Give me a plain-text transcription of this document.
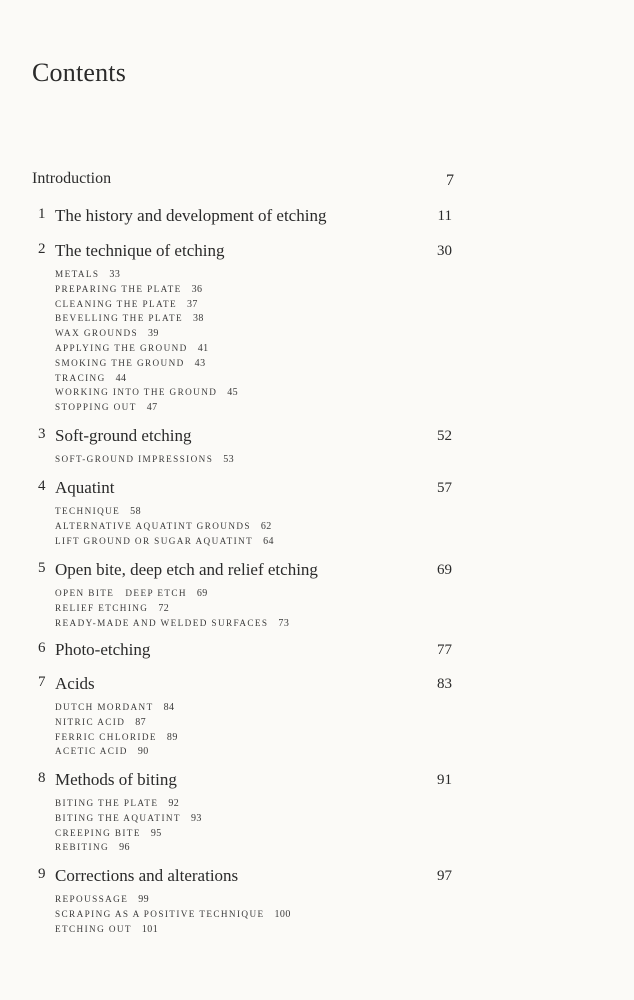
Contents
Introduction	7
1 The history and development of etching	11
2 The technique of etching	30
METALS 33
PREPARING THE PLATE 36
CLEANING THE PLATE 37
BEVELLING THE PLATE 38
WAX GROUNDS 39
APPLYING THE GROUND 41
SMOKING THE GROUND 43
TRACING 44
WORKING INTO THE GROUND 45
STOPPING OUT 47
3 Soft-ground etching	52
SOFT-GROUND IMPRESSIONS 53
4 Aquatint	57
TECHNIQUE 58
ALTERNATIVE AQUATINT GROUNDS 62
LIFT GROUND OR SUGAR AQUATINT 64
5 Open bite, deep etch and relief etching	69
OPEN BITE   DEEP ETCH 69
RELIEF ETCHING 72
READY-MADE AND WELDED SURFACES 73
6 Photo-etching	77
7 Acids	83
DUTCH MORDANT 84
NITRIC ACID 87
FERRIC CHLORIDE 89
ACETIC ACID 90
8 Methods of biting	91
BITING THE PLATE 92
BITING THE AQUATINT 93
CREEPING BITE 95
REBITING 96
9 Corrections and alterations	97
REPOUSSAGE 99
SCRAPING AS A POSITIVE TECHNIQUE 100
ETCHING OUT 101
